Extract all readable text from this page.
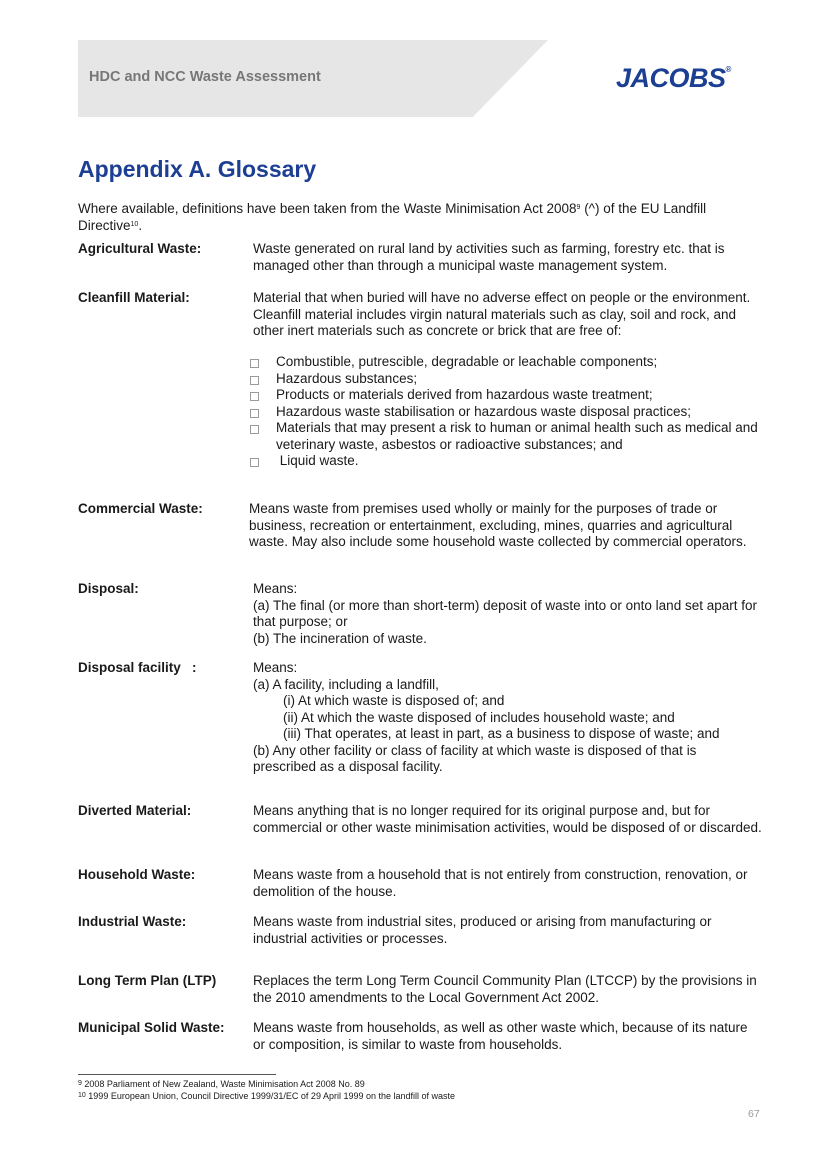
HDC and NCC Waste Assessment	JACOBS®
Appendix A. Glossary

Where available, definitions have been taken from the Waste Minimisation Act 2008$^9$ (^) of the EU Landfill Directive$^{10}$.

Agricultural Waste:	Waste generated on rural land by activities such as farming, forestry etc. that is managed other than through a municipal waste management system.
Cleanfill Material:	Material that when buried will have no adverse effect on people or the environment. Cleanfill material includes virgin natural materials such as clay, soil and rock, and other inert materials such as concrete or brick that are free of:
Combustible, putrescible, degradable or leachable components;
Hazardous substances;
Products or materials derived from hazardous waste treatment;
Hazardous waste stabilisation or hazardous waste disposal practices;
Materials that may present a risk to human or animal health such as medical and veterinary waste, asbestos or radioactive substances; and
Liquid waste.
Commercial Waste:	Means waste from premises used wholly or mainly for the purposes of trade or business, recreation or entertainment, excluding, mines, quarries and agricultural waste. May also include some household waste collected by commercial operators.
Disposal:	Means:

(a) The final (or more than short-term) deposit of waste into or onto land set apart for that purpose; or

(b) The incineration of waste.

Disposal facility   :	Means:

(a) A facility, including a landfill,

(i) At which waste is disposed of; and

(ii) At which the waste disposed of includes household waste; and

(iii) That operates, at least in part, as a business to dispose of waste; and

(b) Any other facility or class of facility at which waste is disposed of that is prescribed as a disposal facility.

Diverted Material:	Means anything that is no longer required for its original purpose and, but for commercial or other waste minimisation activities, would be disposed of or discarded.
Household Waste:	Means waste from a household that is not entirely from construction, renovation, or demolition of the house.
Industrial Waste:	Means waste from industrial sites, produced or arising from manufacturing or industrial activities or processes.
Long Term Plan (LTP)	Replaces the term Long Term Council Community Plan (LTCCP) by the provisions in the 2010 amendments to the Local Government Act 2002.
Municipal Solid Waste: Means waste from households, as well as other waste which, because of its nature or composition, is similar to waste from households.
$^9$ 2008 Parliament of New Zealand, Waste Minimisation Act 2008 No. 89
$^{10}$ 1999 European Union, Council Directive 1999/31/EC of 29 April 1999 on the landfill of waste
67
